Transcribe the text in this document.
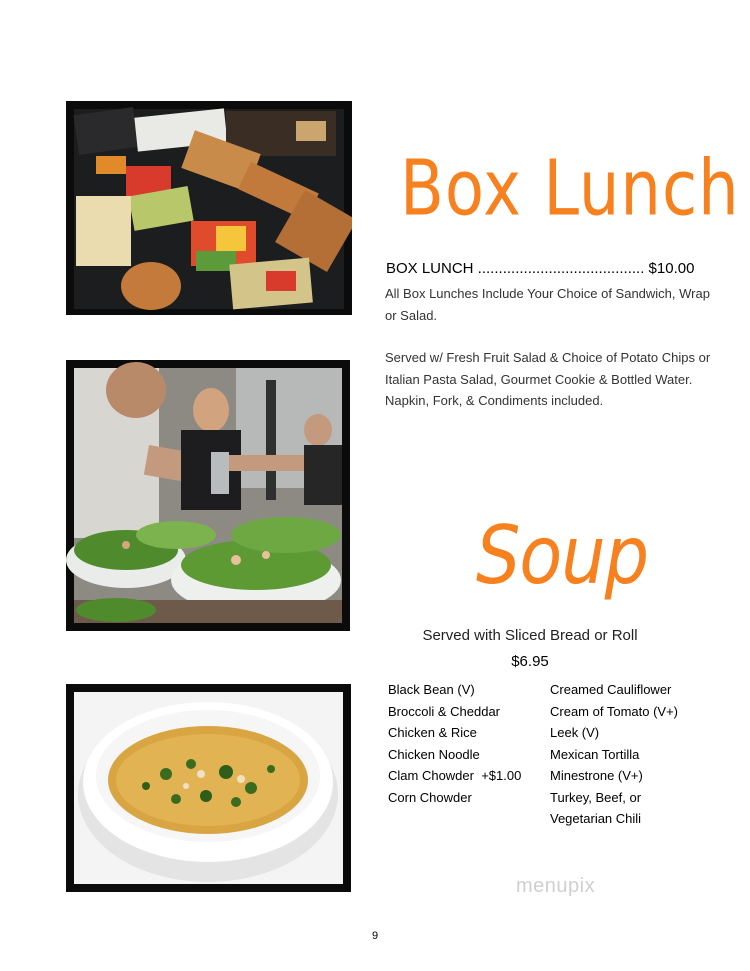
Box Lunch
BOX LUNCH ........................................ $10.00
All Box Lunches Include Your Choice of Sandwich, Wrap or Salad.
Served w/ Fresh Fruit Salad & Choice of Potato Chips or Italian Pasta Salad, Gourmet Cookie & Bottled Water. Napkin, Fork, & Condiments included.
Soup
Served with Sliced Bread or Roll
$6.95
Black Bean (V)
Broccoli & Cheddar
Chicken & Rice
Chicken Noodle
Clam Chowder  +$1.00
Corn Chowder
Creamed Cauliflower
Cream of Tomato (V+)
Leek (V)
Mexican Tortilla
Minestrone (V+)
Turkey, Beef, or
Vegetarian Chili
menupix
9
